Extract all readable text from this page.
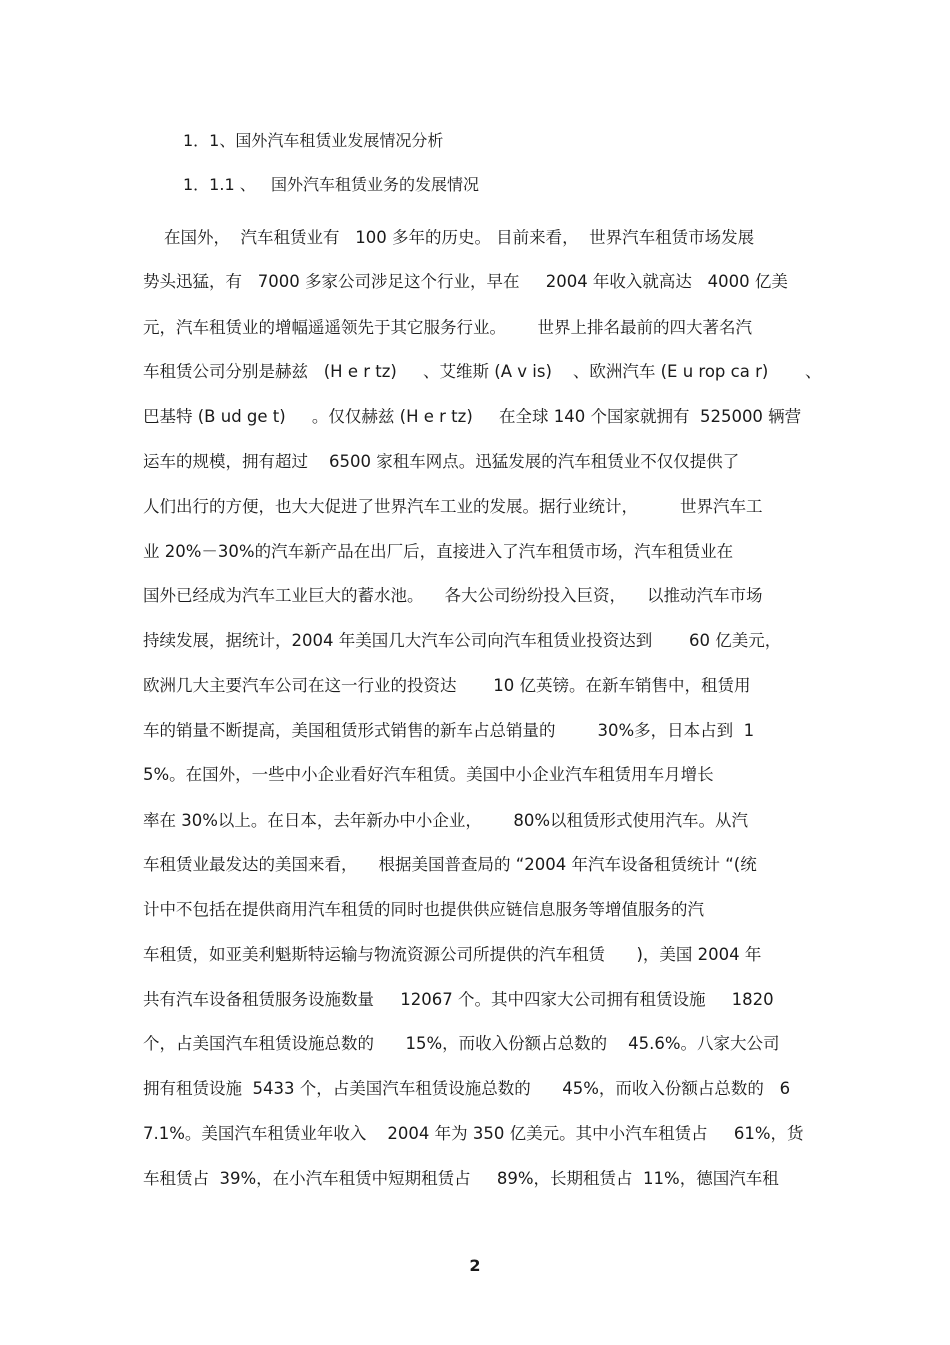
1．1、国外汽车租赁业发展情况分析
1．1.1 、   国外汽车租赁业务的发展情况
在国外，  汽车租赁业有   100 多年的历史。 目前来看，  世界汽车租赁市场发展
势头迅猛，有   7000 多家公司涉足这个行业，早在     2004 年收入就高达   4000 亿美
元，汽车租赁业的增幅遥遥领先于其它服务行业。      世界上排名最前的四大著名汽
车租赁公司分别是赫兹   (H e r tz)     、艾维斯 (A v is)    、欧洲汽车 (E u rop ca r)       、
巴基特 (B ud ge t)     。仅仅赫兹 (H e r tz)     在全球 140 个国家就拥有  525000 辆营
运车的规模，拥有超过    6500 家租车网点。迅猛发展的汽车租赁业不仅仅提供了
人们出行的方便，也大大促进了世界汽车工业的发展。据行业统计，        世界汽车工
业 20%－30%的汽车新产品在出厂后，直接进入了汽车租赁市场，汽车租赁业在
国外已经成为汽车工业巨大的蓄水池。    各大公司纷纷投入巨资，    以推动汽车市场
持续发展，据统计，2004 年美国几大汽车公司向汽车租赁业投资达到       60 亿美元，
欧洲几大主要汽车公司在这一行业的投资达       10 亿英镑。在新车销售中，租赁用
车的销量不断提高，美国租赁形式销售的新车占总销量的        30%多，日本占到  1
5%。在国外，一些中小企业看好汽车租赁。美国中小企业汽车租赁用车月增长
率在 30%以上。在日本，去年新办中小企业，      80%以租赁形式使用汽车。从汽
车租赁业最发达的美国来看，    根据美国普查局的 “2004 年汽车设备租赁统计 “(统
计中不包括在提供商用汽车租赁的同时也提供供应链信息服务等增值服务的汽
车租赁，如亚美利魁斯特运输与物流资源公司所提供的汽车租赁      )，美国 2004 年
共有汽车设备租赁服务设施数量     12067 个。其中四家大公司拥有租赁设施     1820
个，占美国汽车租赁设施总数的      15%，而收入份额占总数的    45.6%。八家大公司
拥有租赁设施  5433 个，占美国汽车租赁设施总数的      45%，而收入份额占总数的   6
7.1%。美国汽车租赁业年收入    2004 年为 350 亿美元。其中小汽车租赁占     61%，货
车租赁占  39%，在小汽车租赁中短期租赁占     89%，长期租赁占  11%，德国汽车租
2
